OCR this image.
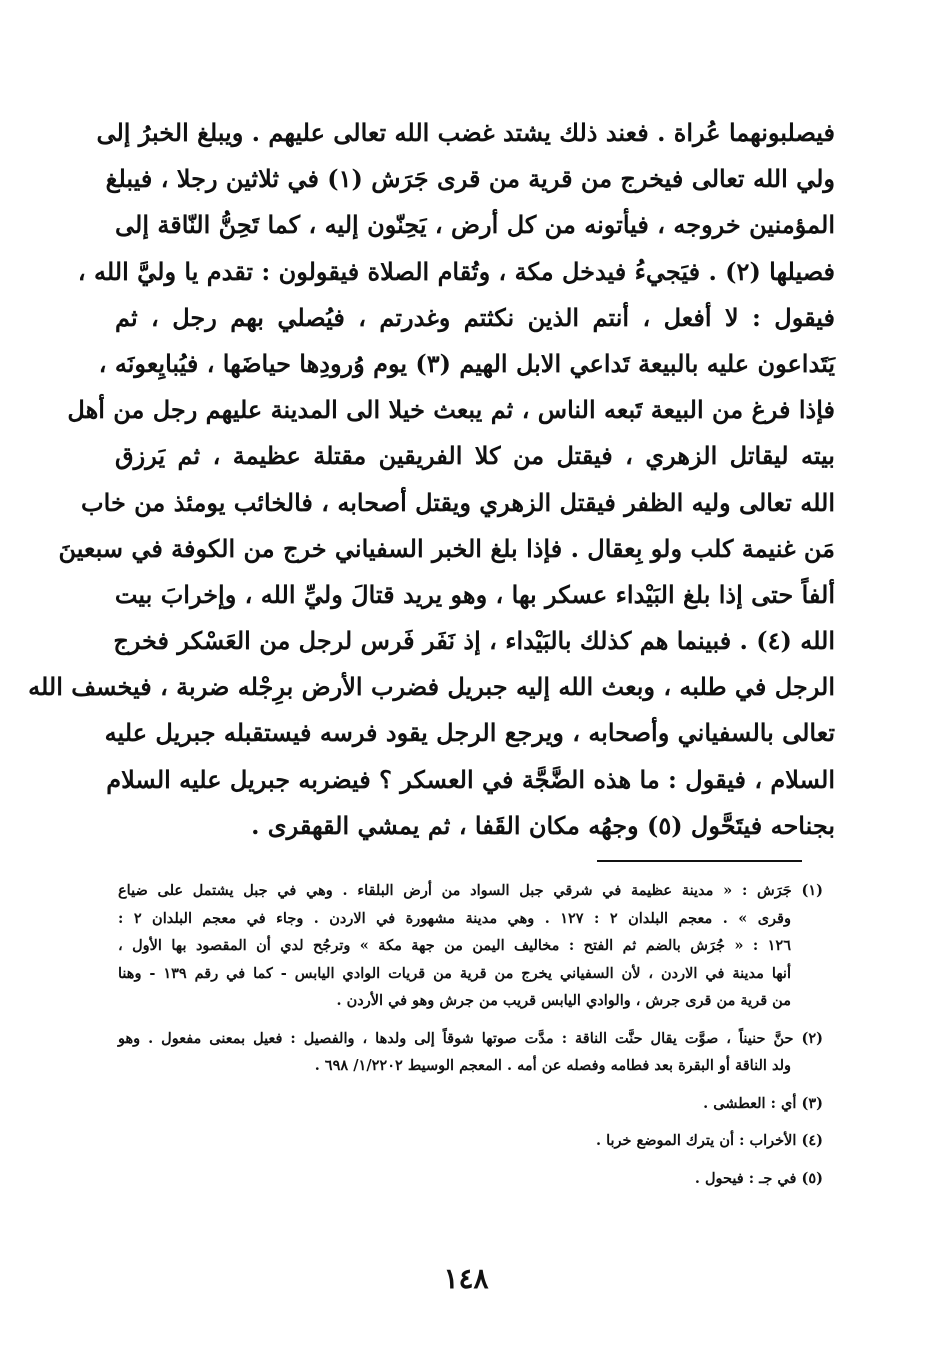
فيصلبونهما عُراة . فعند ذلك يشتد غضب الله تعالى عليهم . ويبلغ الخبرُ إلى
ولي الله تعالى فيخرج من قرية من قرى جَرَش (١) في ثلاثين رجلا ، فيبلغ
المؤمنين خروجه ، فيأتونه من كل أرض ، يَحِنّون إليه ، كما تَحِنُّ النّاقة إلى
فصيلها (٢) . فيَجيءُ فيدخل مكة ، وتُقام الصلاة فيقولون : تقدم يا وليَّ الله ،
فيقول : لا أفعل ، أنتم الذين نكثتم وغدرتم ، فيُصلي بهم رجل ، ثم
يَتَداعون عليه بالبيعة تَداعي الابل الهيم (٣) يوم وُرودِها حياضَها ، فيُبايِعونَه ،
فإذا فرغ من البيعة تَبعه الناس ، ثم يبعث خيلا الى المدينة عليهم رجل من أهل
بيته ليقاتل الزهري ، فيقتل من كلا الفريقين مقتلة عظيمة ، ثم يَرزق
الله تعالى وليه الظفر فيقتل الزهري ويقتل أصحابه ، فالخائب يومئذ من خاب
مَن غنيمة كلب ولو بِعقال . فإذا بلغ الخبر السفياني خرج من الكوفة في سبعينَ
ألفاً حتى إذا بلغ البَيْداء عسكر بها ، وهو يريد قتالَ وليِّ الله ، وإخرابَ بيت
الله (٤) . فبينما هم كذلك بالبَيْداء ، إذ نَفَر فَرس لرجل من العَسْكر فخرج
الرجل في طلبه ، وبعث الله إليه جبريل فضرب الأرض برِجْله ضربة ، فيخسف الله
تعالى بالسفياني وأصحابه ، ويرجع الرجل يقود فرسه فيستقبله جبريل عليه
السلام ، فيقول : ما هذه الضَّجَّة في العسكر ؟ فيضربه جبريل عليه السلام
بجناحه فيتَحَّول (٥) وجهُه مكان القَفا ، ثم يمشي القهقرى .
(١) جَرَش : « مدينة عظيمة في شرقي جبل السواد من أرض البلقاء . وهي في جبل يشتمل على ضياع
وقرى » . معجم البلدان ٢ : ١٢٧ . وهي مدينة مشهورة في الاردن . وجاء في معجم البلدان ٢ :
١٢٦ : « جُرَش بالضم ثم الفتح : مخاليف اليمن من جهة مكة » وترجُح لدي أن المقصود بها الأول ،
أنها مدينة في الاردن ، لأن السفياني يخرج من قرية من قريات الوادي اليابس - كما في رقم ١٣٩ - وهنا
من قرية من قرى جرش ، والوادي اليابس قريب من جرش وهو في الأردن .
(٢) حنَّ حنيناً ، صوَّت يقال حنَّت الناقة : مدَّت صوتها شوقاً إلى ولدها ، والفصيل : فعيل بمعنى مفعول . وهو
ولد الناقة أو البقرة بعد فطامه وفصله عن أمه . المعجم الوسيط ١/٢٢٠٢/ ٦٩٨ .
(٣) أي : العطشى .
(٤) الأخراب : أن يترك الموضع خربا .
(٥) في جـ : فيحول .
١٤٨
